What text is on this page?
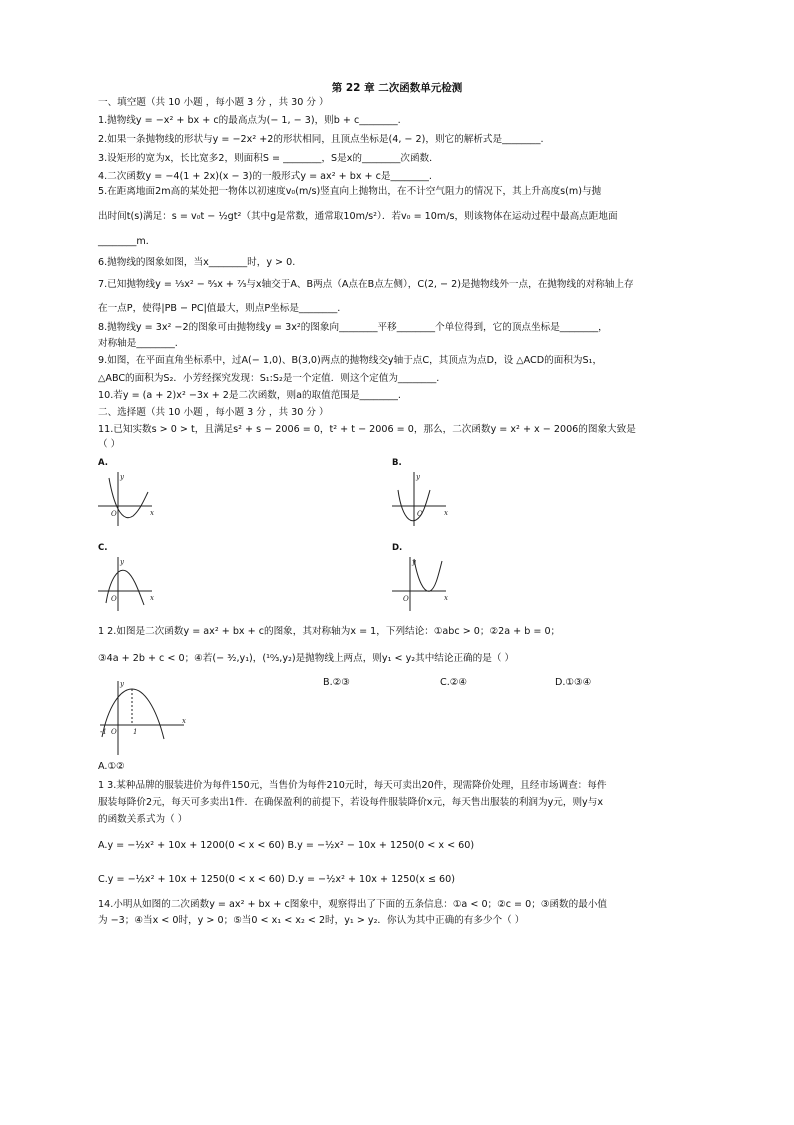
第 22 章 二次函数单元检测
一、填空题（共 10 小题 ，每小题 3 分 ，共 30 分 ）
1.抛物线y = −x² + bx + c的最高点为(− 1, − 3)，则b + c________.
2.如果一条抛物线的形状与y = −2x² +2的形状相同，且顶点坐标是(4, − 2)，则它的解析式是________.
3.设矩形的宽为x，长比宽多2，则面积S = ________，S是x的________次函数．
4.二次函数y = −4(1 + 2x)(x − 3)的一般形式y = ax² + bx + c是________.
5.在距离地面2m高的某处把一物体以初速度v₀(m/s)竖直向上抛物出，在不计空气阻力的情况下，其上升高度s(m)与抛
出时间t(s)满足：s = v₀t − ½gt²（其中g是常数，通常取10m/s²）．若v₀ = 10m/s，则该物体在运动过程中最高点距地面
________m．
6.抛物线的图象如图，当x________时，y > 0.
7.已知抛物线y = ⅓x² − ⁸⁄₃x + ⁷⁄₃与x轴交于A、B两点（A点在B点左侧），C(2, − 2)是抛物线外一点，在抛物线的对称轴上存
在一点P，使得|PB − PC|值最大，则点P坐标是________.
8.抛物线y = 3x² −2的图象可由抛物线y = 3x²的图象向________平移________个单位得到，它的顶点坐标是________，
对称轴是________.
9.如图，在平面直角坐标系中，过A(− 1,0)、B(3,0)两点的抛物线交y轴于点C，其顶点为点D，设 △ACD的面积为S₁，
△ABC的面积为S₂．小芳经探究发现：S₁:S₂是一个定值．则这个定值为________.
10.若y = (a + 2)x² −3x + 2是二次函数，则a的取值范围是________.
二、选择题（共 10 小题 ，每小题 3 分 ，共 30 分 ）
11.已知实数s > 0 > t，且满足s² + s − 2006 = 0，t² + t − 2006 = 0，那么，二次函数y = x² + x − 2006的图象大致是
（ ）
A.
y
O	x
B.
y
O	x
C.
y
O	x
D.
y
O	x
1 2.如图是二次函数y = ax² + bx + c的图象，其对称轴为x = 1，下列结论：①abc > 0；②2a + b = 0；
③4a + 2b + c < 0；④若(− ³⁄₂,y₁)，(¹⁰⁄₃,y₂)是抛物线上两点，则y₁ < y₂其中结论正确的是（ ）
B.②③	C.②④	D.①③④
y
x
-1 O 1
A.①②
1 3.某种品牌的服装进价为每件150元，当售价为每件210元时，每天可卖出20件，现需降价处理，且经市场调查：每件
服装每降价2元，每天可多卖出1件．在确保盈利的前提下，若设每件服装降价x元，每天售出服装的利润为y元，则y与x
的函数关系式为（ ）
A.y = −½x² + 10x + 1200(0 < x < 60) B.y = −½x² − 10x + 1250(0 < x < 60)
C.y = −½x² + 10x + 1250(0 < x < 60) D.y = −½x² + 10x + 1250(x ≤ 60)
14.小明从如图的二次函数y = ax² + bx + c图象中，观察得出了下面的五条信息：①a < 0；②c = 0；③函数的最小值
为 −3；④当x < 0时，y > 0；⑤当0 < x₁ < x₂ < 2时，y₁ > y₂．你认为其中正确的有多少个（ ）
